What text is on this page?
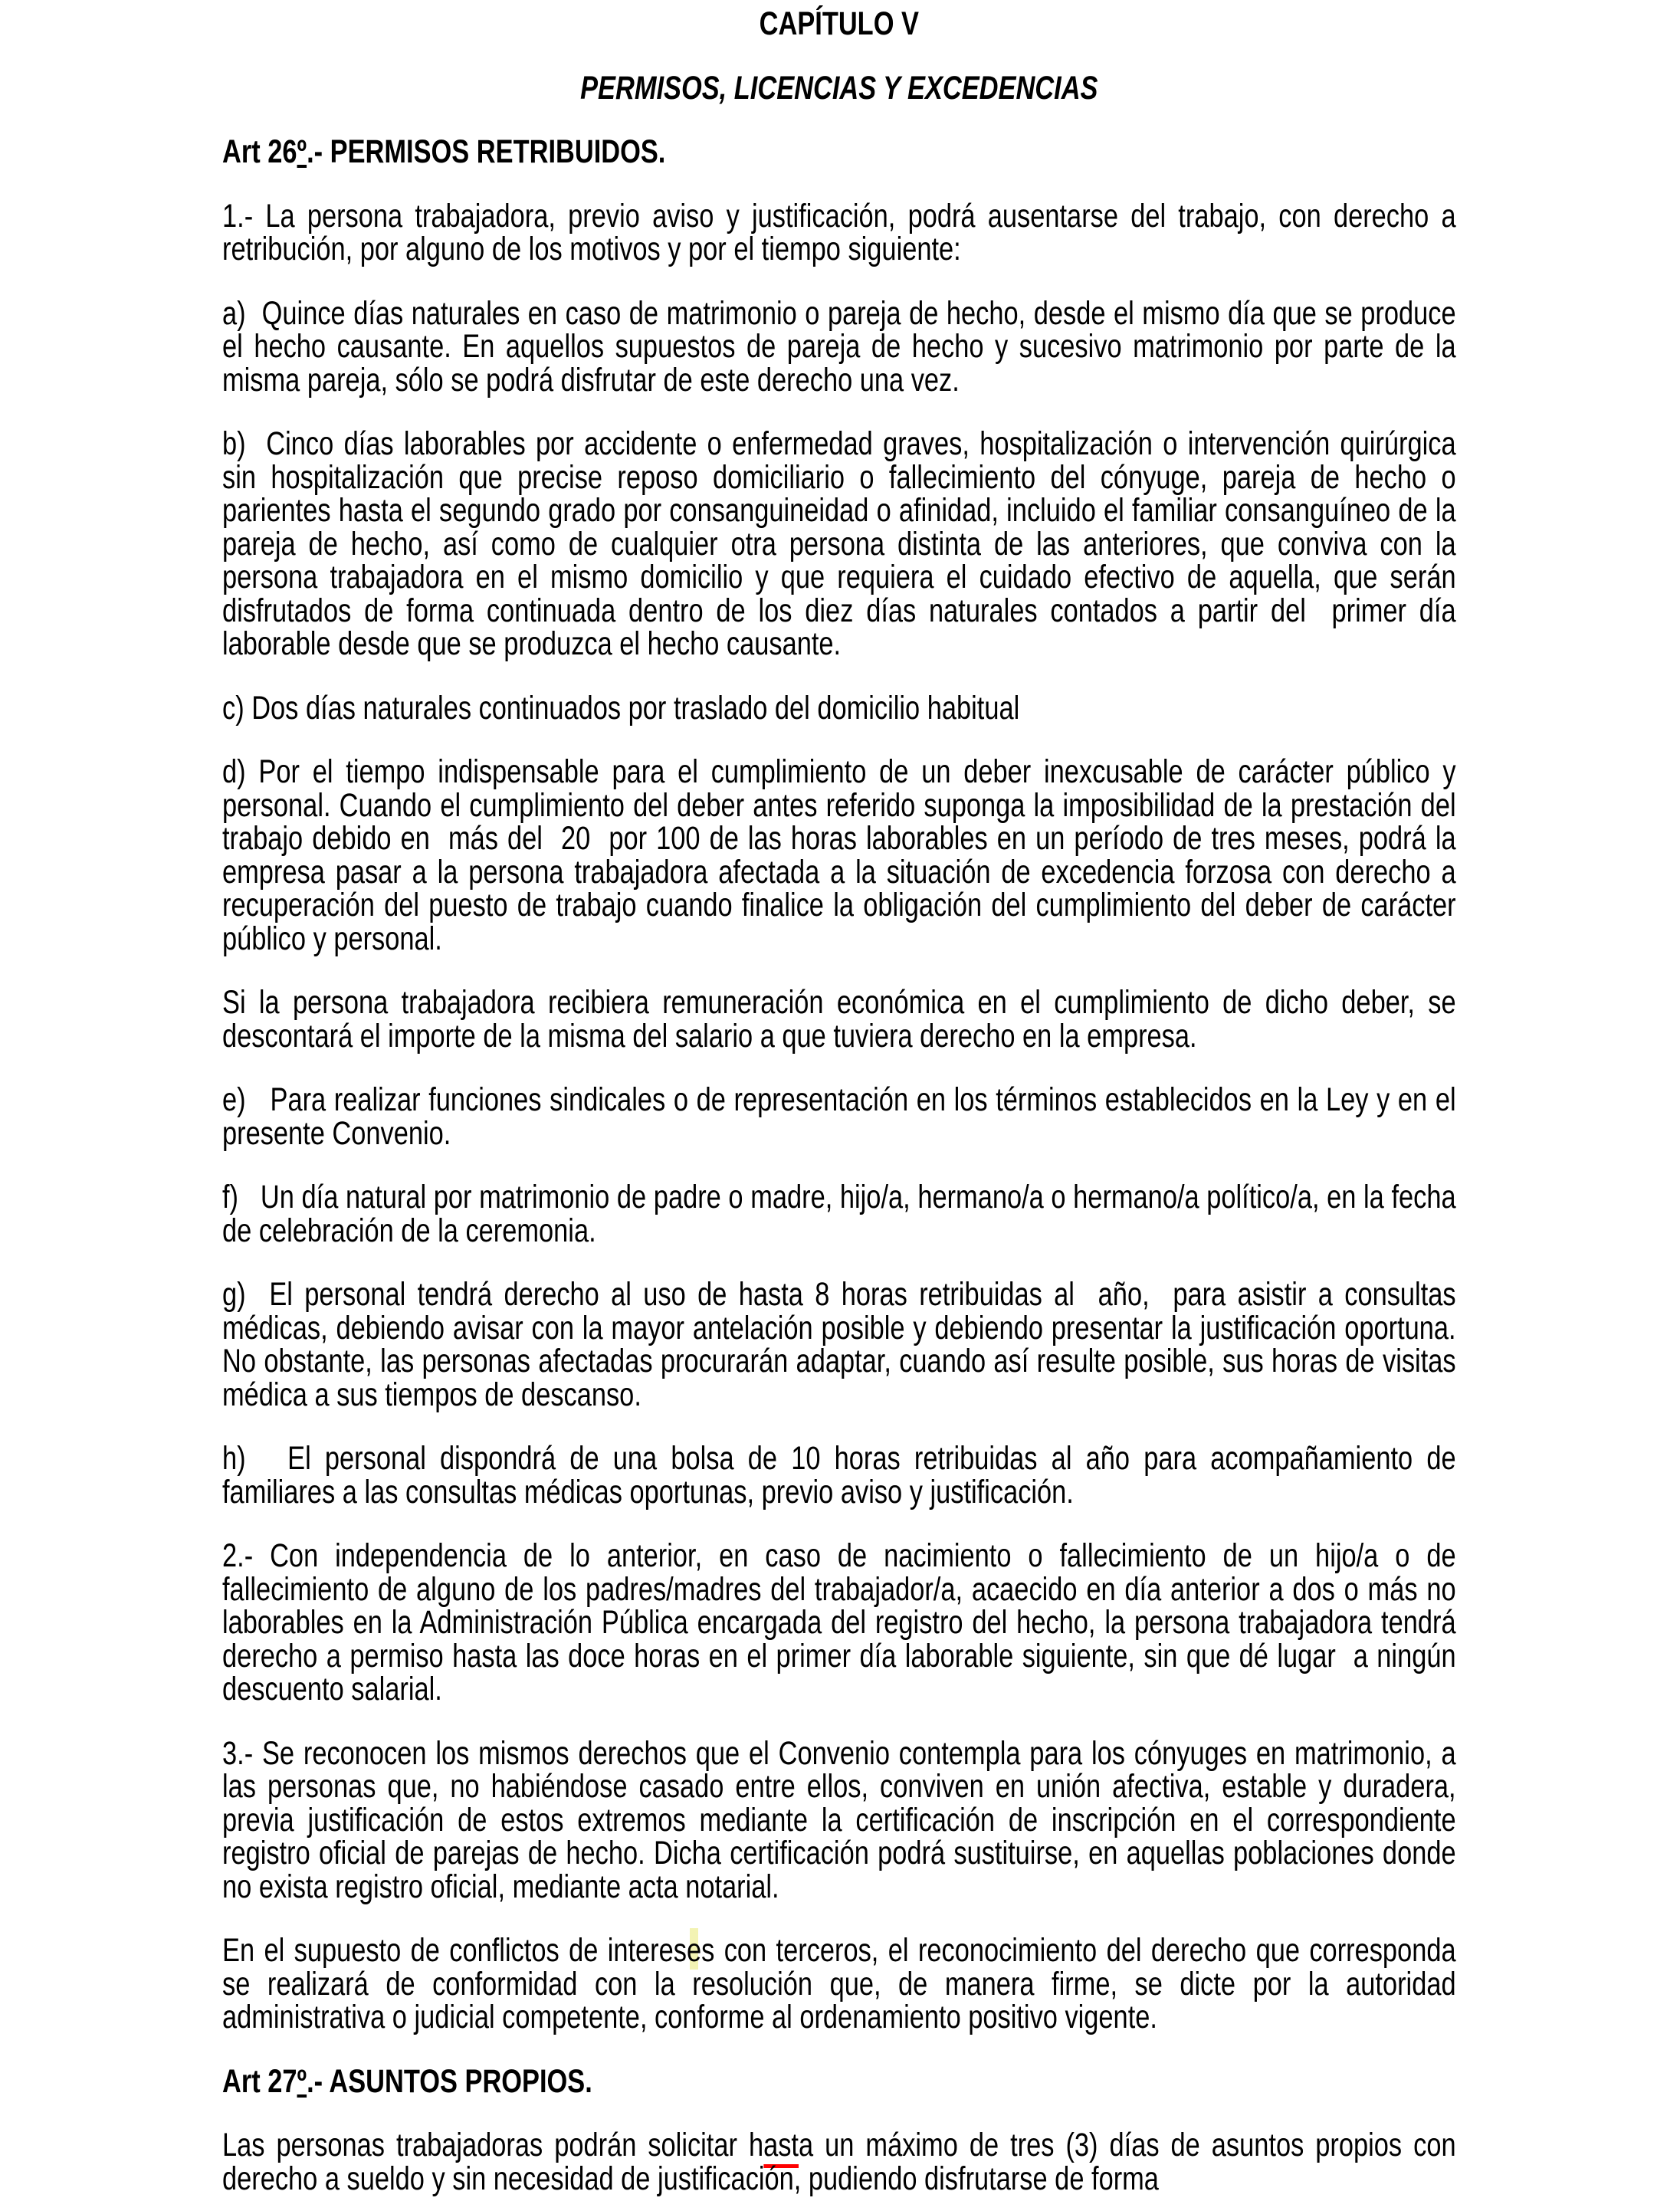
CAPÍTULO V

PERMISOS, LICENCIAS Y EXCEDENCIAS

Art 26º.- PERMISOS RETRIBUIDOS.

1.- La persona trabajadora, previo aviso y justificación, podrá ausentarse del trabajo, con derecho a retribución, por alguno de los motivos y por el tiempo siguiente:

a)  Quince días naturales en caso de matrimonio o pareja de hecho, desde el mismo día que se produce el hecho causante. En aquellos supuestos de pareja de hecho y sucesivo matrimonio por parte de la misma pareja, sólo se podrá disfrutar de este derecho una vez.

b)  Cinco días laborables por accidente o enfermedad graves, hospitalización o intervención quirúrgica sin hospitalización que precise reposo domiciliario o fallecimiento del cónyuge, pareja de hecho o parientes hasta el segundo grado por consanguineidad o afinidad, incluido el familiar consanguíneo de la pareja de hecho, así como de cualquier otra persona distinta de las anteriores, que conviva con la persona trabajadora en el mismo domicilio y que requiera el cuidado efectivo de aquella, que serán disfrutados de forma continuada dentro de los diez días naturales contados a partir del  primer día laborable desde que se produzca el hecho causante.

c) Dos días naturales continuados por traslado del domicilio habitual

d) Por el tiempo indispensable para el cumplimiento de un deber inexcusable de carácter público y personal. Cuando el cumplimiento del deber antes referido suponga la imposibilidad de la prestación del trabajo debido en  más del  20  por 100 de las horas laborables en un período de tres meses, podrá la empresa pasar a la persona trabajadora afectada a la situación de excedencia forzosa con derecho a recuperación del puesto de trabajo cuando finalice la obligación del cumplimiento del deber de carácter público y personal.

Si la persona trabajadora recibiera remuneración económica en el cumplimiento de dicho deber, se descontará el importe de la misma del salario a que tuviera derecho en la empresa.

e)   Para realizar funciones sindicales o de representación en los términos establecidos en la Ley y en el presente Convenio.

f)   Un día natural por matrimonio de padre o madre, hijo/a, hermano/a o hermano/a político/a, en la fecha de celebración de la ceremonia.

g)  El personal tendrá derecho al uso de hasta 8 horas retribuidas al  año,  para asistir a consultas médicas, debiendo avisar con la mayor antelación posible y debiendo presentar la justificación oportuna. No obstante, las personas afectadas procurarán adaptar, cuando así resulte posible, sus horas de visitas médica a sus tiempos de descanso.

h)   El personal dispondrá de una bolsa de 10 horas retribuidas al año para acompañamiento de familiares a las consultas médicas oportunas, previo aviso y justificación.

2.- Con independencia de lo anterior, en caso de nacimiento o fallecimiento de un hijo/a o de fallecimiento de alguno de los padres/madres del trabajador/a, acaecido en día anterior a dos o más no laborables en la Administración Pública encargada del registro del hecho, la persona trabajadora tendrá derecho a permiso hasta las doce horas en el primer día laborable siguiente, sin que dé lugar  a ningún descuento salarial.

3.- Se reconocen los mismos derechos que el Convenio contempla para los cónyuges en matrimonio, a las personas que, no habiéndose casado entre ellos, conviven en unión afectiva, estable y duradera, previa justificación de estos extremos mediante la certificación de inscripción en el correspondiente registro oficial de parejas de hecho. Dicha certificación podrá sustituirse, en aquellas poblaciones donde no exista registro oficial, mediante acta notarial.

En el supuesto de conflictos de intereses con terceros, el reconocimiento del derecho que corresponda se realizará de conformidad con la resolución que, de manera firme, se dicte por la autoridad administrativa o judicial competente, conforme al ordenamiento positivo vigente.

Art 27º.- ASUNTOS PROPIOS.

Las personas trabajadoras podrán solicitar hasta un máximo de tres (3) días de asuntos propios con derecho a sueldo y sin necesidad de justificación, pudiendo disfrutarse de forma
